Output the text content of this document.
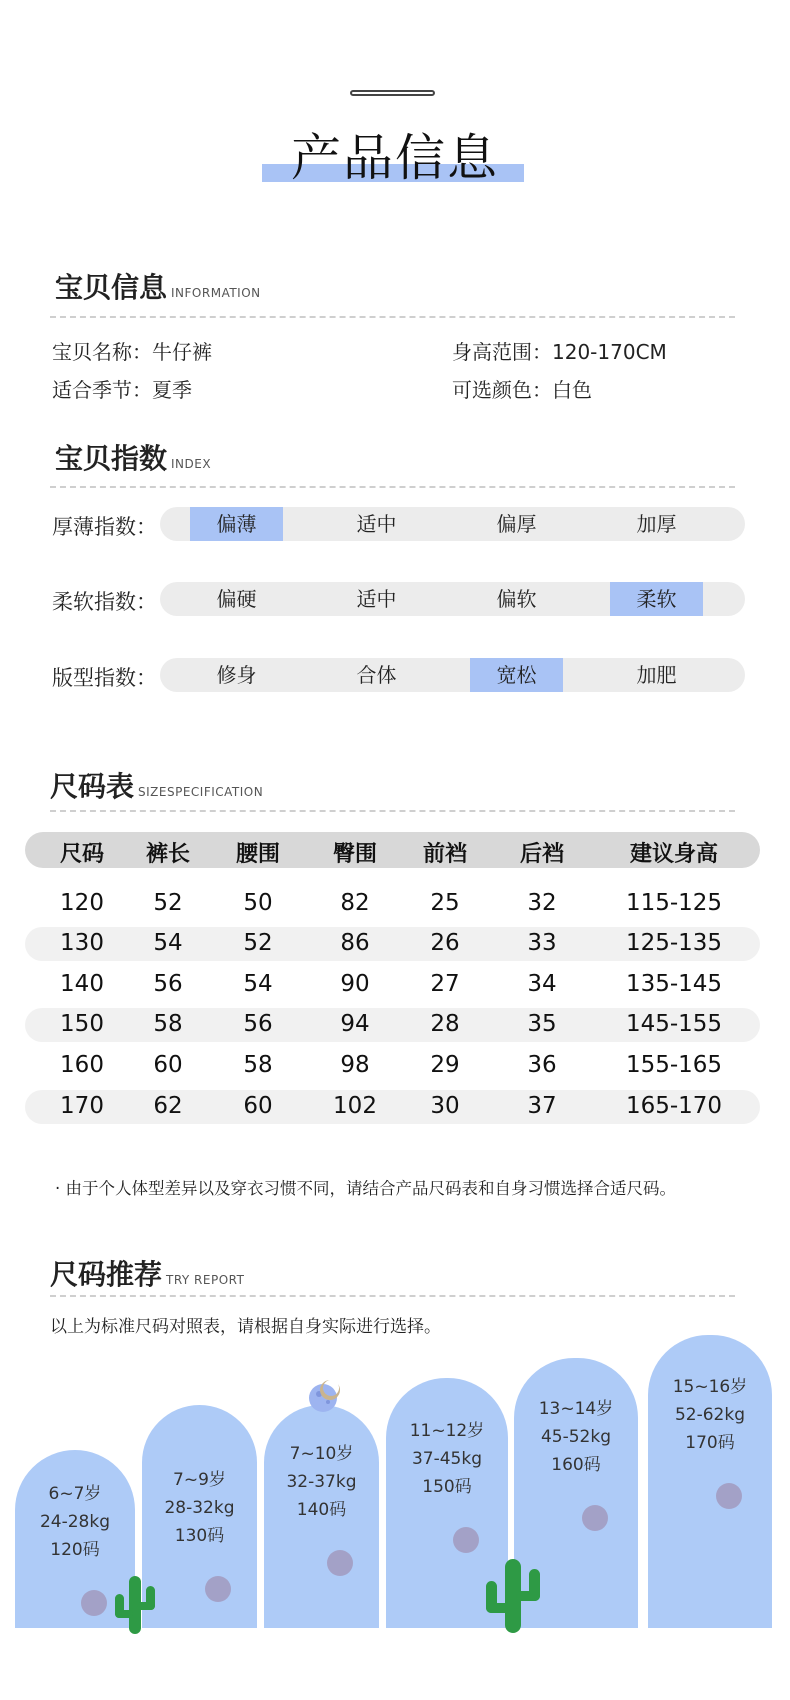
产品信息
宝贝信息 INFORMATION
宝贝名称：牛仔裤	身高范围：120-170CM
适合季节：夏季	可选颜色：白色
宝贝指数 INDEX
厚薄指数：	偏薄	适中	偏厚	加厚
柔软指数：	偏硬	适中	偏软	柔软
版型指数：	修身	合体	宽松	加肥
尺码表 SIZESPECIFICATION
尺码	裤长	腰围	臀围	前裆	后裆	建议身高
120	52	50	82	25	32	115-125
130	54	52	86	26	33	125-135
140	56	54	90	27	34	135-145
150	58	56	94	28	35	145-155
160	60	58	98	29	36	155-165
170	62	60	102	30	37	165-170
· 由于个人体型差异以及穿衣习惯不同，请结合产品尺码表和自身习惯选择合适尺码。
尺码推荐 TRY REPORT
以上为标准尺码对照表，请根据自身实际进行选择。
6~7岁
24-28kg
120码
7~9岁
28-32kg
130码
7~10岁
32-37kg
140码
11~12岁
37-45kg
150码
13~14岁
45-52kg
160码
15~16岁
52-62kg
170码
